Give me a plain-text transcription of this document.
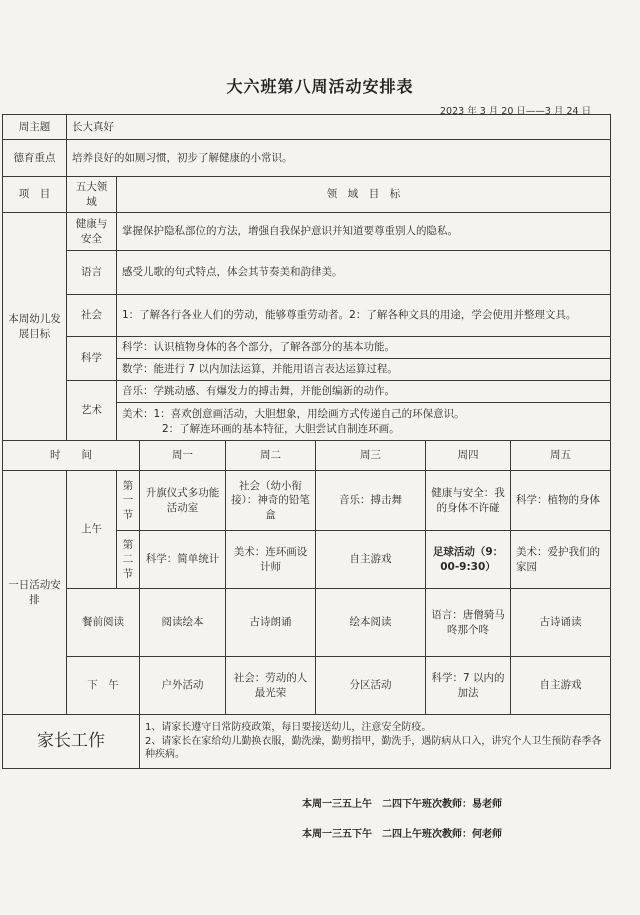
大六班第八周活动安排表
2023 年 3 月 20 日——3 月 24 日
周主题	长大真好						
德育重点	培养良好的如厕习惯，初步了解健康的小常识。						
项　目	五大领域	领　域　目　标					
本周幼儿发展目标	健康与安全	掌握保护隐私部位的方法，增强自我保护意识并知道要尊重别人的隐私。					
	语言	感受儿歌的句式特点，体会其节奏美和韵律美。					
	社会	1：了解各行各业人们的劳动，能够尊重劳动者。2：了解各种文具的用途，学会使用并整理文具。					
	科学	科学：认识植物身体的各个部分，了解各部分的基本功能。					
		数学：能进行 7 以内加法运算，并能用语言表达运算过程。					
	艺术	音乐：学跳动感、有爆发力的搏击舞，并能创编新的动作。					

		美术：1：喜欢创意画活动，大胆想象，用绘画方式传递自己的环保意识。
2：了解连环画的基本特征，大胆尝试自制连环画。					

时　　间			周一	周二	周三	周四	周五
一日活动安排	上午	第一节	升旗仪式多功能活动室	社会（幼小衔接）：神奇的铅笔盒	音乐：搏击舞	健康与安全：我的身体不许碰	科学：植物的身体
		第二节	科学：简单统计	美术：连环画设计师	自主游戏	足球活动（9：00-9:30）	美术：爱护我们的家园
	餐前阅读		阅读绘本	古诗朗诵	绘本阅读	语言：唐僧骑马咚那个咚	古诗诵读
	下　午		户外活动	社会：劳动的人最光荣	分区活动	科学：7 以内的加法	自主游戏
家长工作			1、请家长遵守日常防疫政策，每日要接送幼儿，注意安全防疫。
2、请家长在家给幼儿勤换衣服，勤洗澡，勤剪指甲，勤洗手，遇防病从口入，讲究个人卫生预防春季各种疾病。				
本周一三五上午　二四下午班次教师：易老师
本周一三五下午　二四上午班次教师：何老师
